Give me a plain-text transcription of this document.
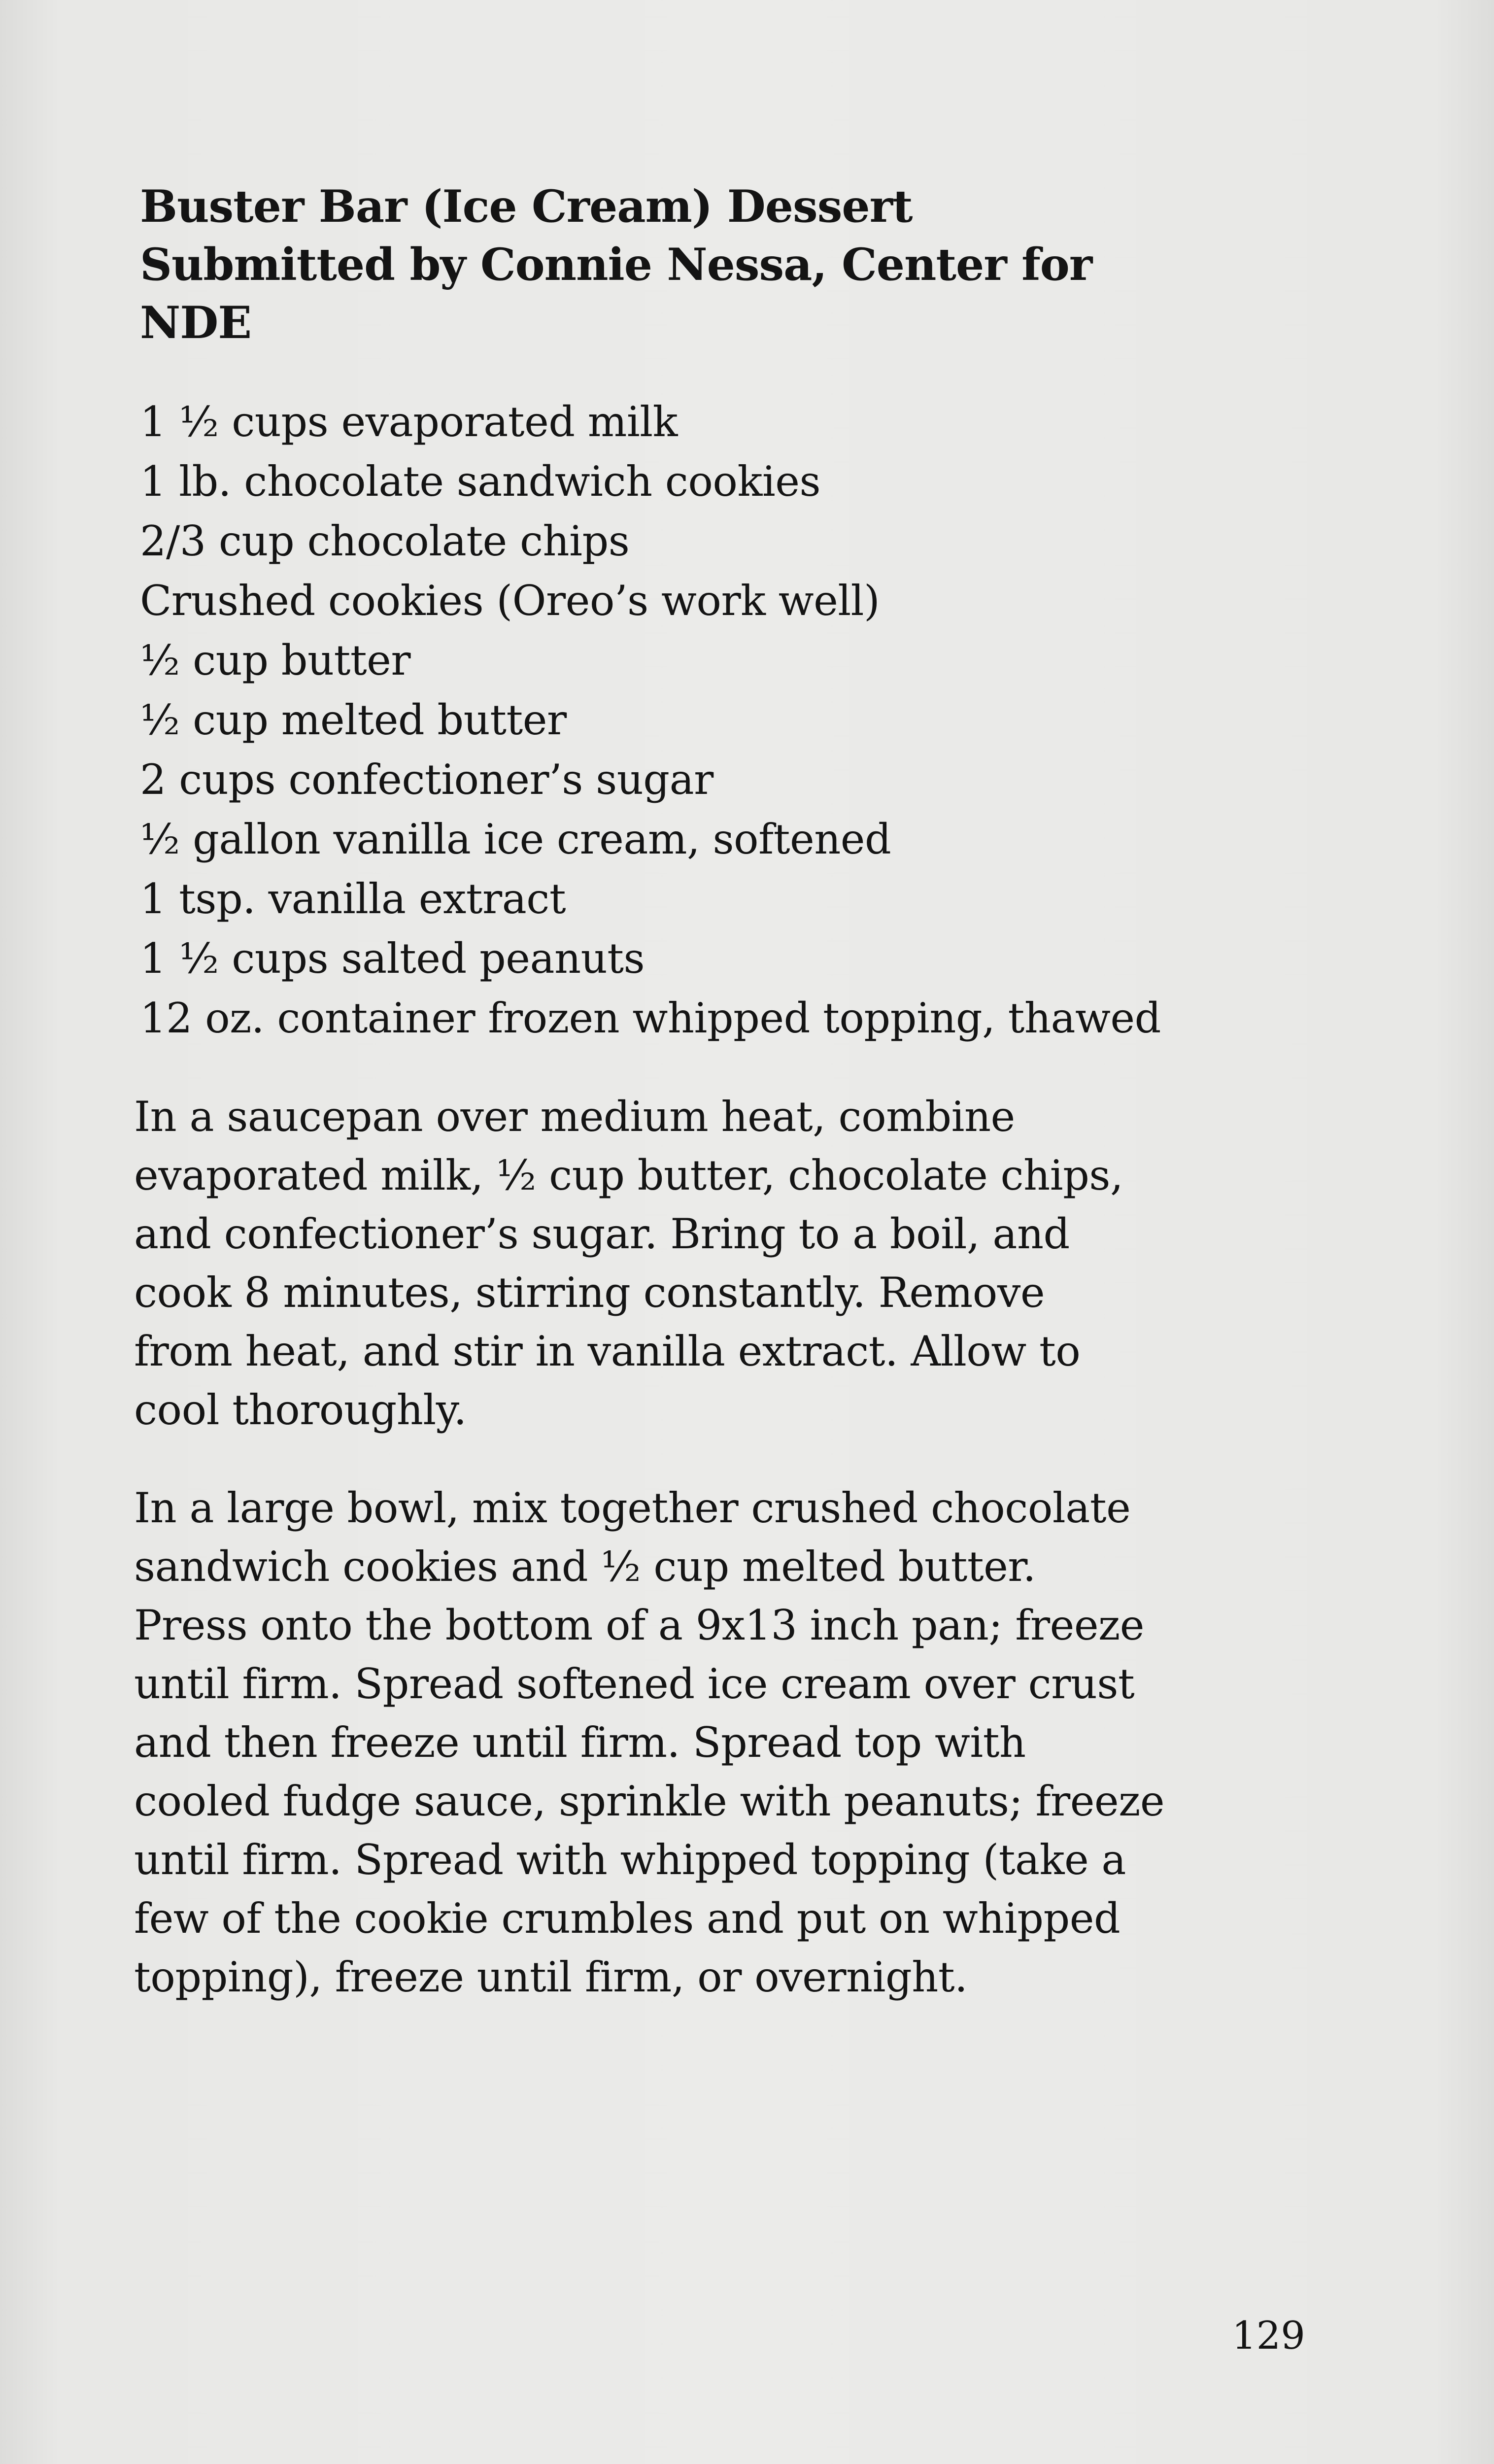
Buster Bar (Ice Cream) Dessert
Submitted by Connie Nessa, Center for
NDE
1 ½ cups evaporated milk
1 lb. chocolate sandwich cookies
2/3 cup chocolate chips
Crushed cookies (Oreo’s work well)
½ cup butter
½ cup melted butter
2 cups confectioner’s sugar
½ gallon vanilla ice cream, softened
1 tsp. vanilla extract
1 ½ cups salted peanuts
12 oz. container frozen whipped topping, thawed

In a saucepan over medium heat, combine
evaporated milk, ½ cup butter, chocolate chips,
and confectioner’s sugar. Bring to a boil, and
cook 8 minutes, stirring constantly. Remove
from heat, and stir in vanilla extract. Allow to
cool thoroughly.

In a large bowl, mix together crushed chocolate
sandwich cookies and ½ cup melted butter.
Press onto the bottom of a 9x13 inch pan; freeze
until firm. Spread softened ice cream over crust
and then freeze until firm. Spread top with
cooled fudge sauce, sprinkle with peanuts; freeze
until firm. Spread with whipped topping (take a
few of the cookie crumbles and put on whipped
topping), freeze until firm, or overnight.

129
